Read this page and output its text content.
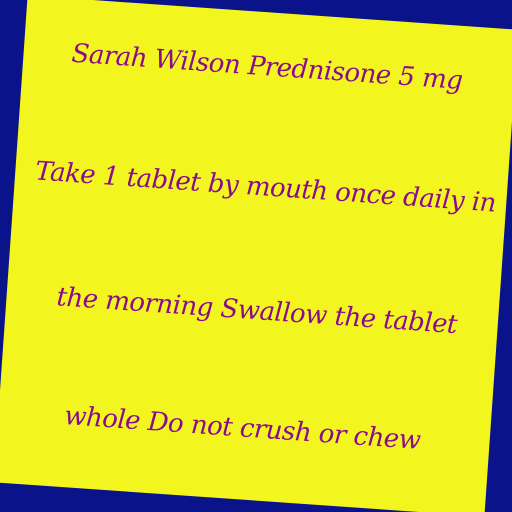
Sarah Wilson Prednisone 5 mg
Take 1 tablet by mouth once daily in
the morning Swallow the tablet
whole Do not crush or chew
